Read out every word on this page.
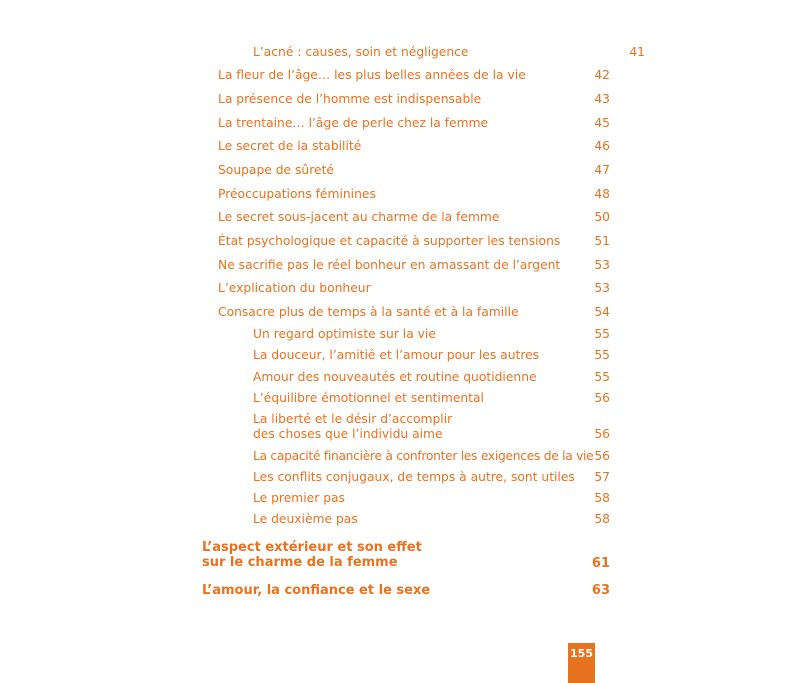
L’acné : causes, soin et négligence	41
La fleur de l’âge… les plus belles années de la vie	42
La présence de l’homme est indispensable	43
La trentaine… l’âge de perle chez la femme	45
Le secret de la stabilité	46
Soupape de sûreté	47
Préoccupations féminines	48
Le secret sous-jacent au charme de la femme	50
État psychologique et capacité à supporter les tensions	51
Ne sacrifie pas le réel bonheur en amassant de l’argent	53
L’explication du bonheur	53
Consacre plus de temps à la santé et à la famille	54
Un regard optimiste sur la vie	55
La douceur, l’amitié et l’amour pour les autres	55
Amour des nouveautés et routine quotidienne	55
L’équilibre émotionnel et sentimental	56
La liberté et le désir d’accomplir
des choses que l’individu aime	56
La capacité financière à confronter les exigences de la vie 56
Les conflits conjugaux, de temps à autre, sont utiles	57
Le premier pas	58
Le deuxième pas	58
L’aspect extérieur et son effet
sur le charme de la femme	61
L’amour, la confiance et le sexe	63
155
